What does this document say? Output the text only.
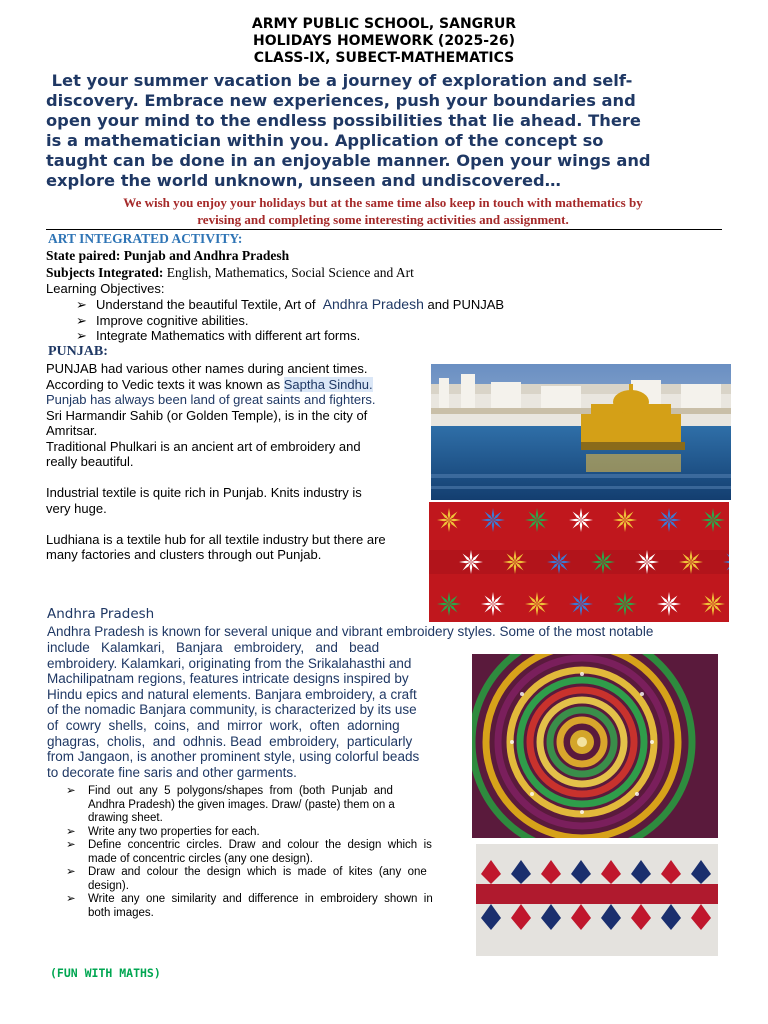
ARMY PUBLIC SCHOOL, SANGRUR
HOLIDAYS HOMEWORK (2025-26)
CLASS-IX, SUBECT-MATHEMATICS
Let your summer vacation be a journey of exploration and self-
discovery. Embrace new experiences, push your boundaries and
open your mind to the endless possibilities that lie ahead. There
is a mathematician within you. Application of the concept so
taught can be done in an enjoyable manner. Open your wings and
explore the world unknown, unseen and undiscovered…
We wish you enjoy your holidays but at the same time also keep in touch with mathematics by
revising and completing some interesting activities and assignment.
ART INTEGRATED ACTIVITY:
State paired: Punjab and Andhra Pradesh
Subjects Integrated: English, Mathematics, Social Science and Art
Learning Objectives:
➢ Understand the beautiful Textile, Art of  Andhra Pradesh and PUNJAB
➢ Improve cognitive abilities.
➢ Integrate Mathematics with different art forms.
PUNJAB:
PUNJAB had various other names during ancient times.
According to Vedic texts it was known as Saptha Sindhu.
Punjab has always been land of great saints and fighters.
Sri Harmandir Sahib (or Golden Temple), is in the city of
Amritsar.
Traditional Phulkari is an ancient art of embroidery and
really beautiful.
Industrial textile is quite rich in Punjab. Knits industry is
very huge.
Ludhiana is a textile hub for all textile industry but there are
many factories and clusters through out Punjab.
Andhra Pradesh
Andhra Pradesh is known for several unique and vibrant embroidery styles. Some of the most notable
include   Kalamkari,   Banjara   embroidery,   and   bead
embroidery. Kalamkari, originating from the Srikalahasthi and
Machilipatnam regions, features intricate designs inspired by
Hindu epics and natural elements. Banjara embroidery, a craft
of the nomadic Banjara community, is characterized by its use
of  cowry  shells,  coins,  and  mirror  work,  often  adorning
ghagras,  cholis,  and  odhnis. Bead  embroidery,  particularly
from Jangaon, is another prominent style, using colorful beads
to decorate fine saris and other garments.
➢ Find  out  any  5  polygons/shapes  from  (both  Punjab  and
Andhra Pradesh) the given images. Draw/ (paste) them on a
drawing sheet.
➢ Write any two properties for each.
➢ Define  concentric  circles.  Draw  and  colour  the  design  which  is
made of concentric circles (any one design).
➢ Draw  and  colour  the  design  which  is  made  of  kites  (any  one
design).
➢ Write  any  one  similarity  and  difference  in  embroidery  shown  in
both images.
(FUN WITH MATHS)
